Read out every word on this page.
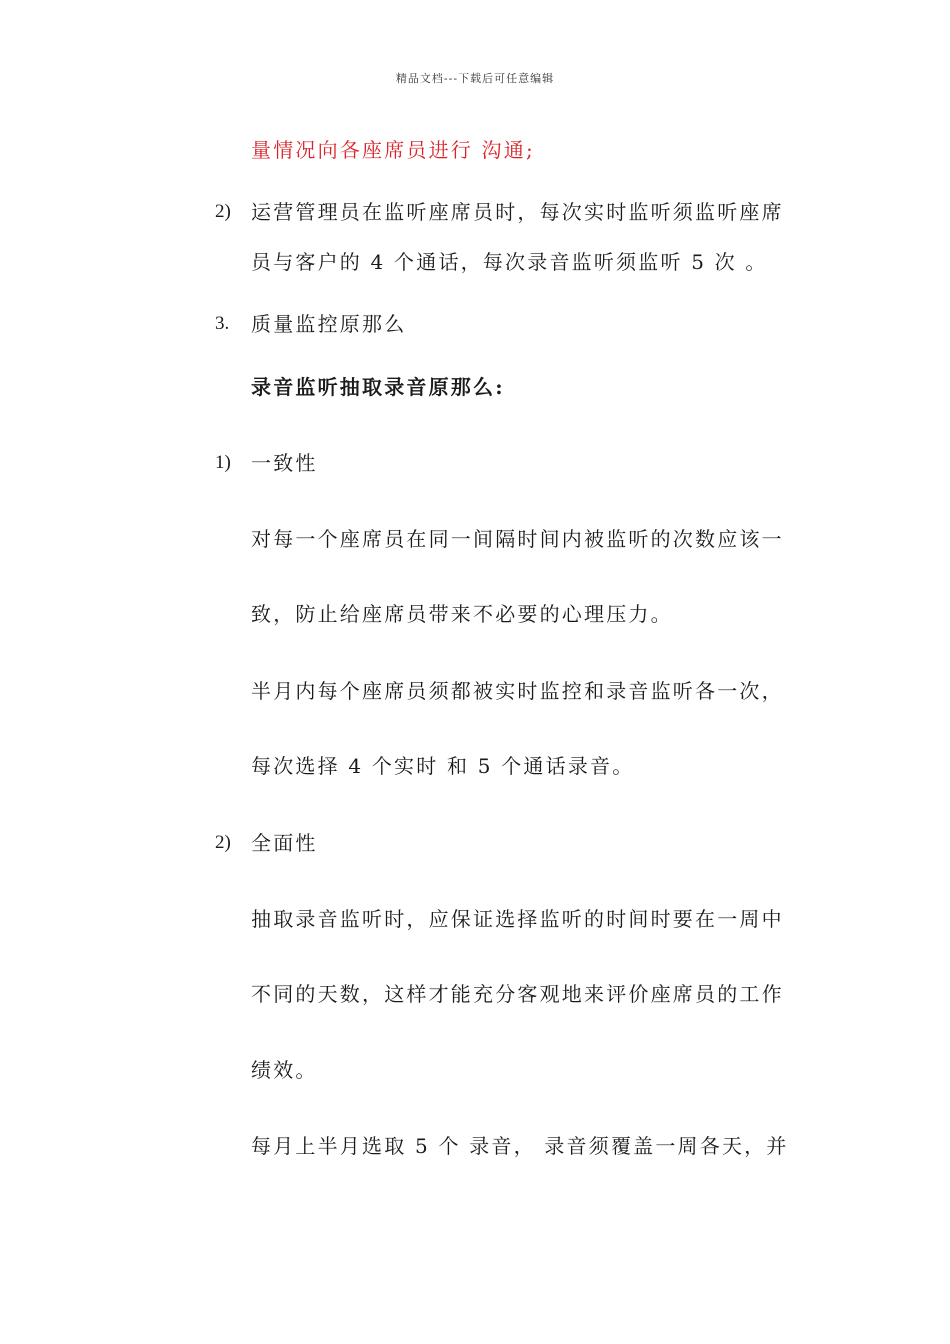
精品文档---下载后可任意编辑
量情况向各座席员进行 沟通;
2) 运营管理员在监听座席员时，每次实时监听须监听座席
员与客户的 4 个通话，每次录音监听须监听 5 次 。
3. 质量监控原那么
录音监听抽取录音原那么:
1) 一致性
对每一个座席员在同一间隔时间内被监听的次数应该一
致，防止给座席员带来不必要的心理压力。
半月内每个座席员须都被实时监控和录音监听各一次，
每次选择 4 个实时 和 5 个通话录音。
2) 全面性
抽取录音监听时，应保证选择监听的时间时要在一周中
不同的天数，这样才能充分客观地来评价座席员的工作
绩效。
每月上半月选取 5 个 录音， 录音须覆盖一周各天，并
